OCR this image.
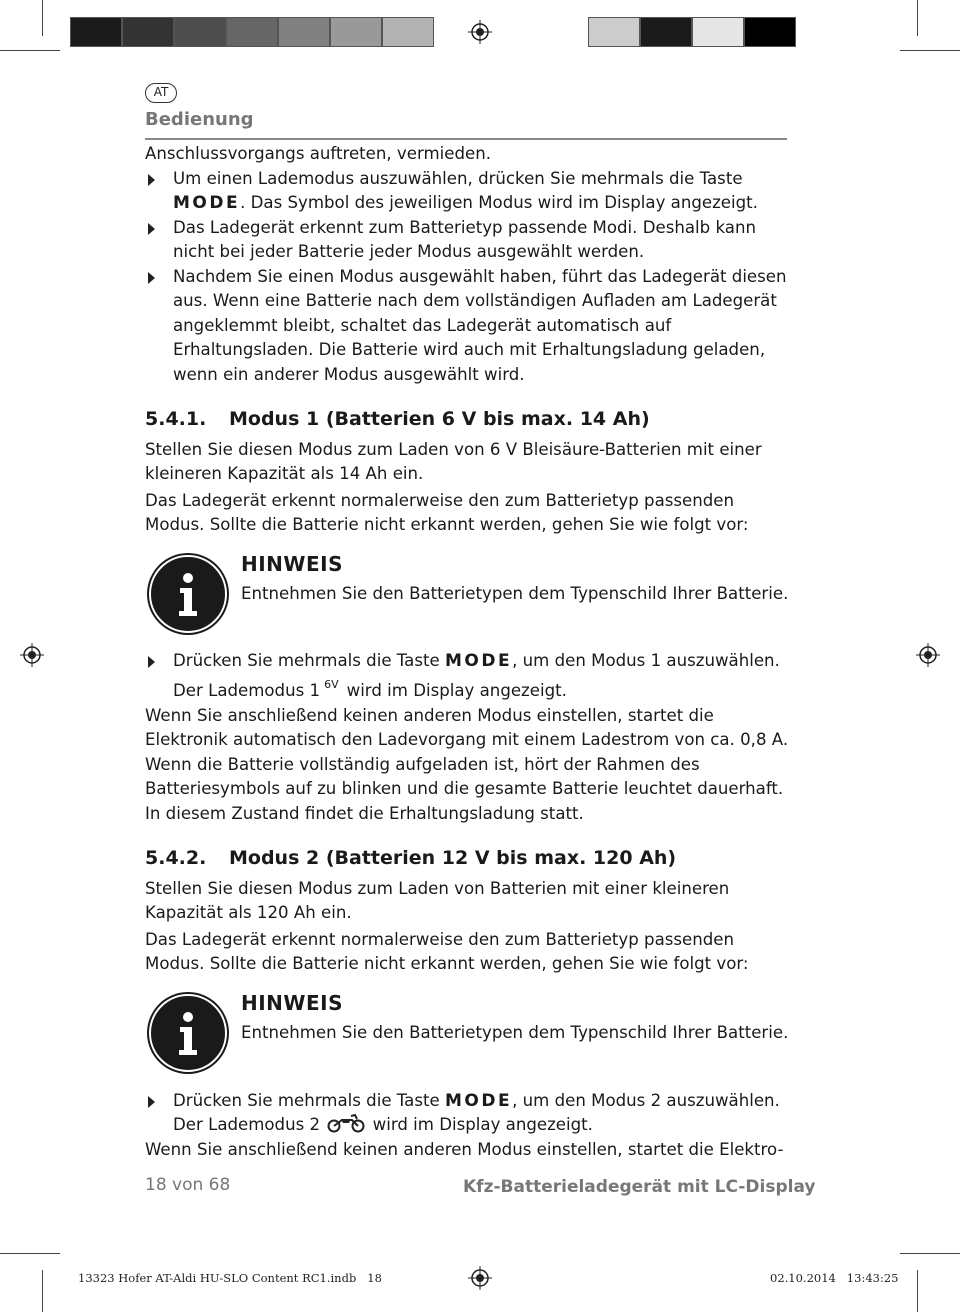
AT
Bedienung

Anschlussvorgangs auftreten, vermieden.

Um einen Lademodus auszuwählen, drücken Sie mehrmals die Taste MODE. Das Symbol des jeweiligen Modus wird im Display angezeigt.

Das Ladegerät erkennt zum Batterietyp passende Modi. Deshalb kann nicht bei jeder Batterie jeder Modus ausgewählt werden.

Nachdem Sie einen Modus ausgewählt haben, führt das Ladegerät diesen aus. Wenn eine Batterie nach dem vollständigen Aufladen am Ladegerät angeklemmt bleibt, schaltet das Ladegerät automatisch auf Erhaltungsladen. Die Batterie wird auch mit Erhaltungsladung geladen, wenn ein anderer Modus ausgewählt wird.

5.4.1.	Modus 1 (Batterien 6 V bis max. 14 Ah)

Stellen Sie diesen Modus zum Laden von 6 V Bleisäure-Batterien mit einer kleineren Kapazität als 14 Ah ein.

Das Ladegerät erkennt normalerweise den zum Batterietyp passenden Modus. Sollte die Batterie nicht erkannt werden, gehen Sie wie folgt vor:

HINWEIS
Entnehmen Sie den Batterietypen dem Typenschild Ihrer Batterie.

Drücken Sie mehrmals die Taste MODE, um den Modus 1 auszuwählen.
Der Lademodus 1 $^{6V}$ wird im Display angezeigt.

Wenn Sie anschließend keinen anderen Modus einstellen, startet die Elektronik automatisch den Ladevorgang mit einem Ladestrom von ca. 0,8 A.

Wenn die Batterie vollständig aufgeladen ist, hört der Rahmen des Batteriesymbols auf zu blinken und die gesamte Batterie leuchtet dauerhaft. In diesem Zustand findet die Erhaltungsladung statt.

5.4.2.	Modus 2 (Batterien 12 V bis max. 120 Ah)

Stellen Sie diesen Modus zum Laden von Batterien mit einer kleineren Kapazität als 120 Ah ein.

Das Ladegerät erkennt normalerweise den zum Batterietyp passenden Modus. Sollte die Batterie nicht erkannt werden, gehen Sie wie folgt vor:

HINWEIS
Entnehmen Sie den Batterietypen dem Typenschild Ihrer Batterie.

Drücken Sie mehrmals die Taste MODE, um den Modus 2 auszuwählen.
Der Lademodus 2	wird im Display angezeigt.

Wenn Sie anschließend keinen anderen Modus einstellen, startet die Elektro-

18 von 68	Kfz-Batterieladegerät mit LC-Display
13323 Hofer AT-Aldi HU-SLO Content RC1.indb   18	02.10.2014   13:43:25
